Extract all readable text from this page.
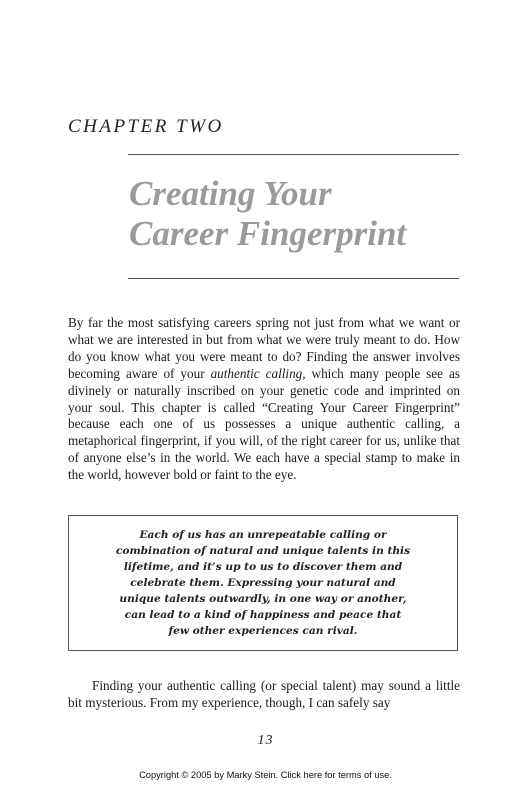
CHAPTER TWO
Creating Your
Career Fingerprint

By far the most satisfying careers spring not just from what we want or what we are interested in but from what we were truly meant to do. How do you know what you were meant to do? Finding the answer involves becoming aware of your authentic calling, which many people see as divinely or naturally inscribed on your genetic code and imprinted on your soul. This chapter is called “Creating Your Career Fingerprint” because each one of us possesses a unique authentic calling, a metaphorical fingerprint, if you will, of the right career for us, unlike that of anyone else’s in the world. We each have a special stamp to make in the world, however bold or faint to the eye.

Each of us has an unrepeatable calling or combination of natural and unique talents in this lifetime, and it’s up to us to discover them and celebrate them. Expressing your natural and unique talents outwardly, in one way or another, can lead to a kind of happiness and peace that few other experiences can rival.

Finding your authentic calling (or special talent) may sound a little bit mysterious. From my experience, though, I can safely say

13
Copyright © 2005 by Marky Stein. Click here for terms of use.
